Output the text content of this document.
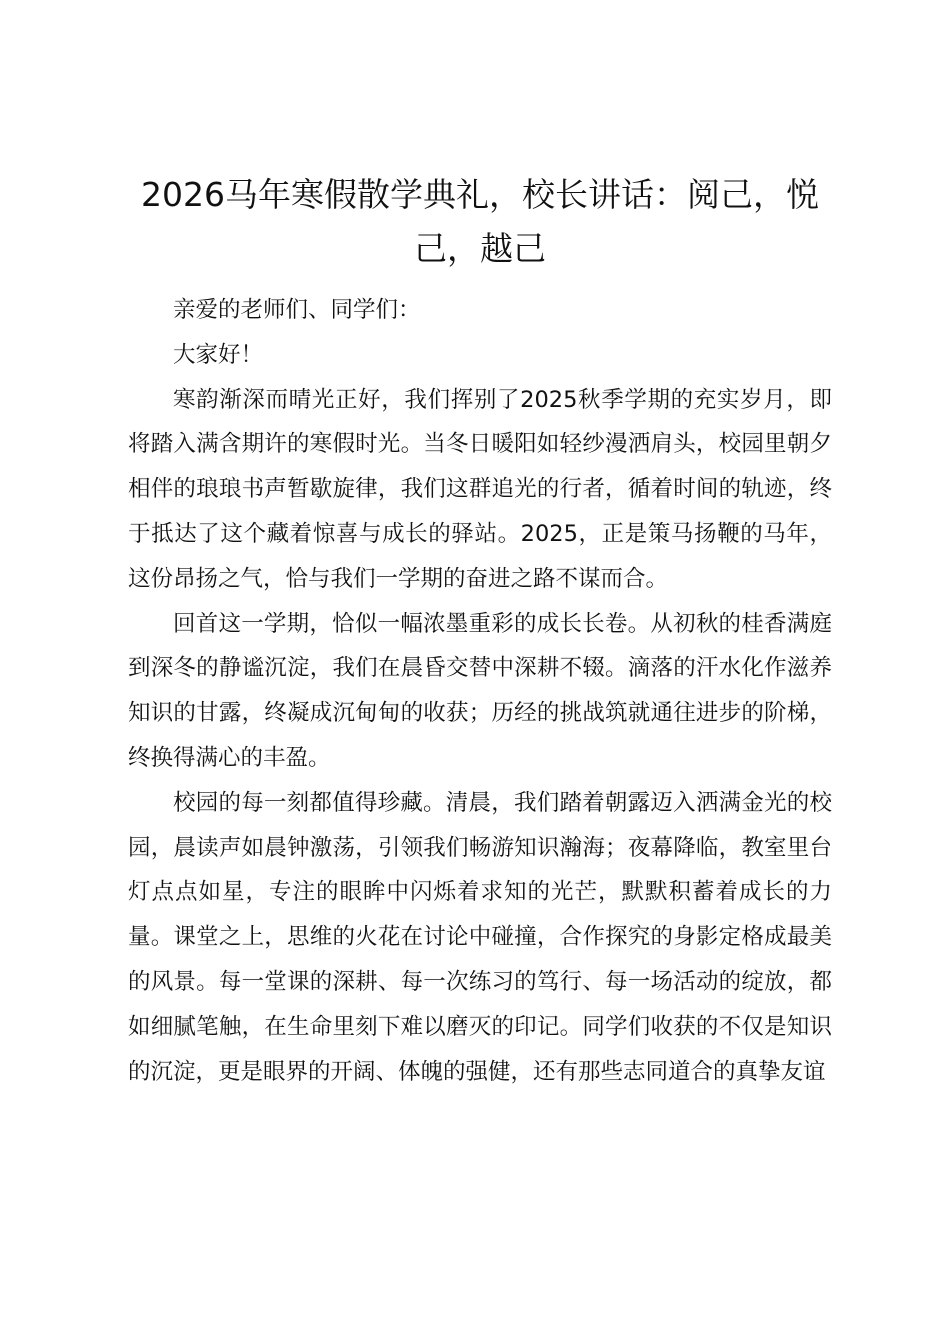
2026马年寒假散学典礼，校长讲话：阅己，悦己，越己

亲爱的老师们、同学们：

大家好！

寒韵渐深而晴光正好，我们挥别了2025秋季学期的充实岁月，即将踏入满含期许的寒假时光。当冬日暖阳如轻纱漫洒肩头，校园里朝夕相伴的琅琅书声暂歇旋律，我们这群追光的行者，循着时间的轨迹，终于抵达了这个藏着惊喜与成长的驿站。2025，正是策马扬鞭的马年，这份昂扬之气，恰与我们一学期的奋进之路不谋而合。

回首这一学期，恰似一幅浓墨重彩的成长长卷。从初秋的桂香满庭到深冬的静谧沉淀，我们在晨昏交替中深耕不辍。滴落的汗水化作滋养知识的甘露，终凝成沉甸甸的收获；历经的挑战筑就通往进步的阶梯，终换得满心的丰盈。

校园的每一刻都值得珍藏。清晨，我们踏着朝露迈入洒满金光的校园，晨读声如晨钟激荡，引领我们畅游知识瀚海；夜幕降临，教室里台灯点点如星，专注的眼眸中闪烁着求知的光芒，默默积蓄着成长的力量。课堂之上，思维的火花在讨论中碰撞，合作探究的身影定格成最美的风景。每一堂课的深耕、每一次练习的笃行、每一场活动的绽放，都如细腻笔触，在生命里刻下难以磨灭的印记。同学们收获的不仅是知识的沉淀，更是眼界的开阔、体魄的强健，还有那些志同道合的真挚友谊
